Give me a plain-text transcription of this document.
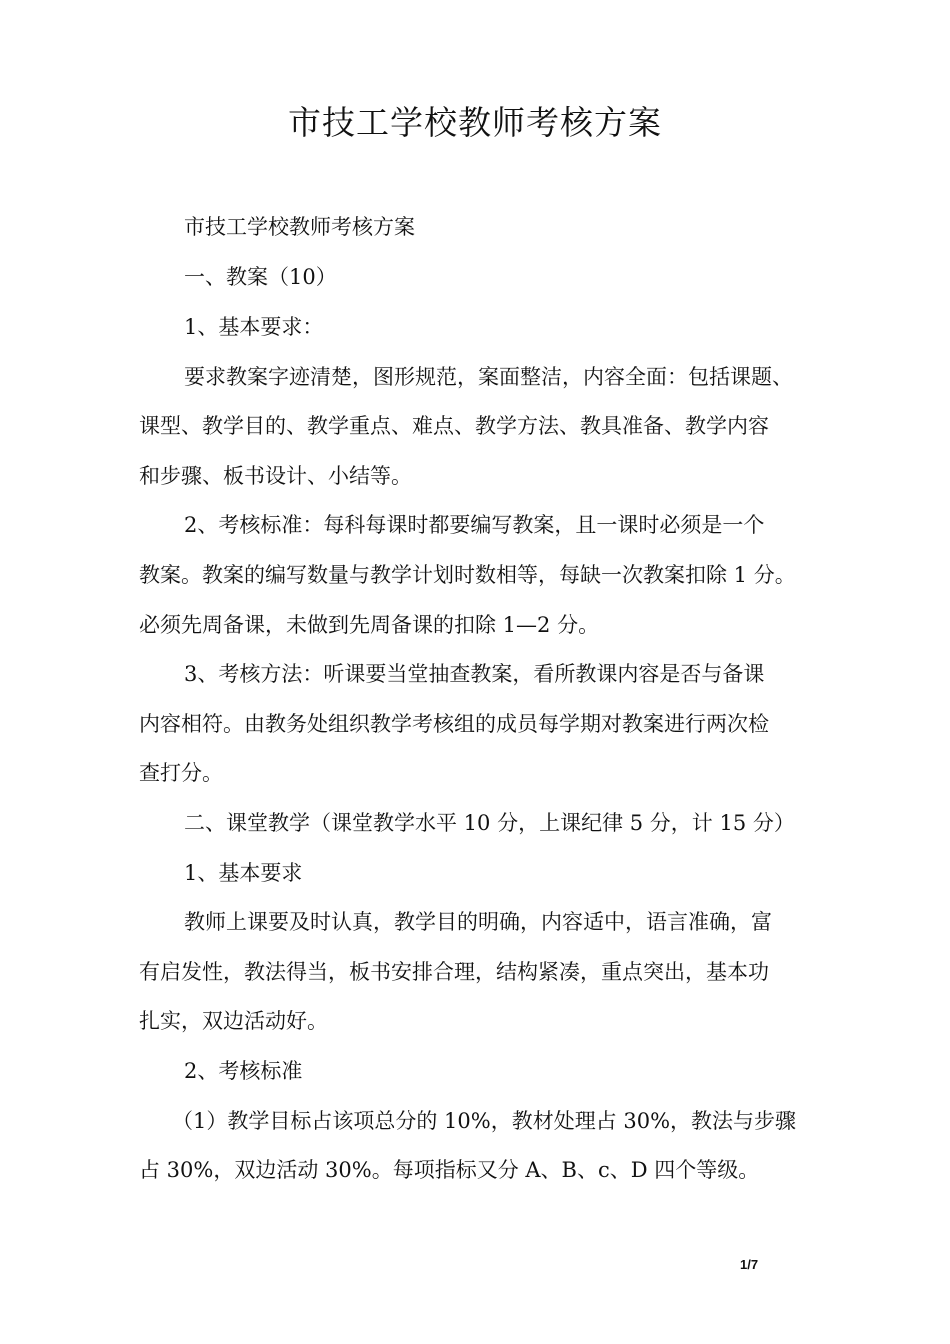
市技工学校教师考核方案
市技工学校教师考核方案
一、教案（10）
1、基本要求：
要求教案字迹清楚，图形规范，案面整洁，内容全面：包括课题、
课型、教学目的、教学重点、难点、教学方法、教具准备、教学内容
和步骤、板书设计、小结等。
2、考核标准：每科每课时都要编写教案，且一课时必须是一个
教案。教案的编写数量与教学计划时数相等，每缺一次教案扣除 1 分。
必须先周备课，未做到先周备课的扣除 1—2 分。
3、考核方法：听课要当堂抽查教案，看所教课内容是否与备课
内容相符。由教务处组织教学考核组的成员每学期对教案进行两次检
查打分。
二、课堂教学（课堂教学水平 10 分，上课纪律 5 分，计 15 分）
1、基本要求
教师上课要及时认真，教学目的明确，内容适中，语言准确，富
有启发性，教法得当，板书安排合理，结构紧凑，重点突出，基本功
扎实，双边活动好。
2、考核标准
（1）教学目标占该项总分的 10%，教材处理占 30%，教法与步骤
占 30%，双边活动 30%。每项指标又分 A、B、c、D 四个等级。
1/7
